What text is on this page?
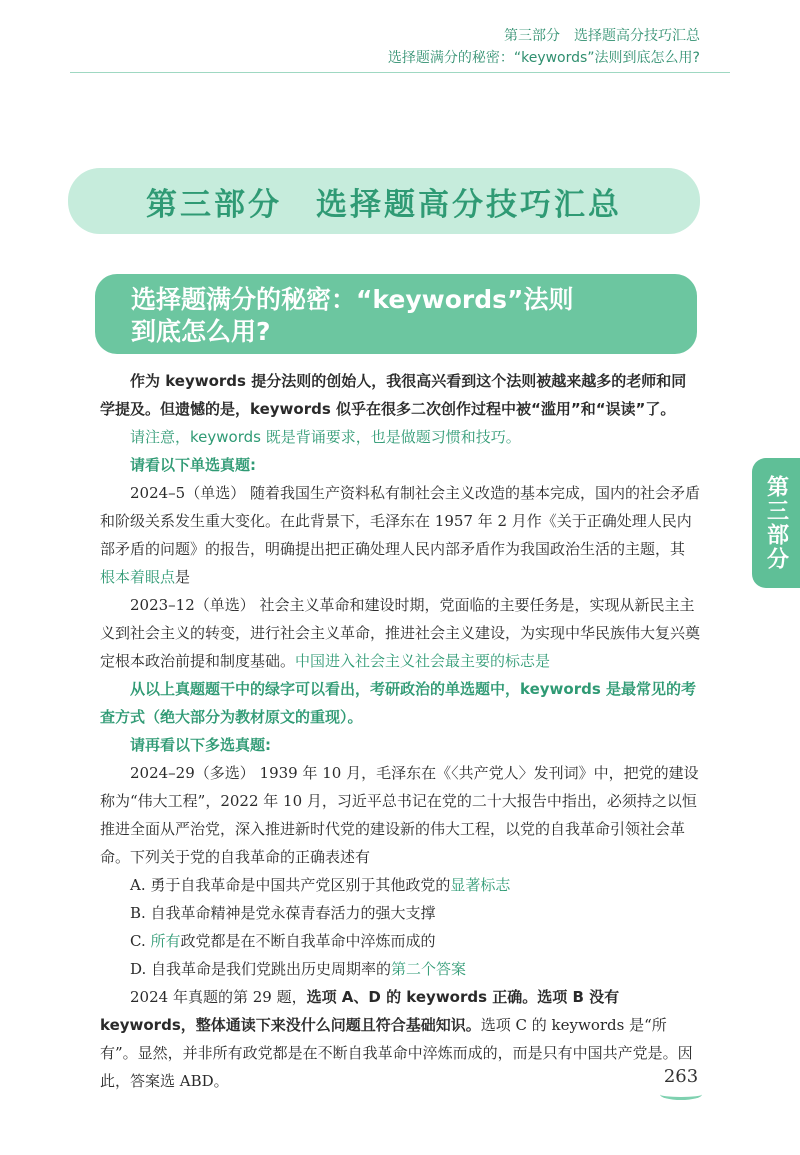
第三部分　选择题高分技巧汇总
选择题满分的秘密：“keywords”法则到底怎么用?
第三部分　选择题高分技巧汇总
选择题满分的秘密：“keywords”法则
到底怎么用?
第三部分

作为 keywords 提分法则的创始人，我很高兴看到这个法则被越来越多的老师和同学提及。但遗憾的是，keywords 似乎在很多二次创作过程中被“滥用”和“误读”了。

请注意，keywords 既是背诵要求，也是做题习惯和技巧。

请看以下单选真题:

2024–5（单选） 随着我国生产资料私有制社会主义改造的基本完成，国内的社会矛盾和阶级关系发生重大变化。在此背景下，毛泽东在 1957 年 2 月作《关于正确处理人民内部矛盾的问题》的报告，明确提出把正确处理人民内部矛盾作为我国政治生活的主题，其根本着眼点是

2023–12（单选） 社会主义革命和建设时期，党面临的主要任务是，实现从新民主主义到社会主义的转变，进行社会主义革命，推进社会主义建设，为实现中华民族伟大复兴奠定根本政治前提和制度基础。中国进入社会主义社会最主要的标志是

从以上真题题干中的绿字可以看出，考研政治的单选题中，keywords 是最常见的考查方式（绝大部分为教材原文的重现）。

请再看以下多选真题:

2024–29（多选） 1939 年 10 月，毛泽东在《〈共产党人〉发刊词》中，把党的建设称为“伟大工程”，2022 年 10 月，习近平总书记在党的二十大报告中指出，必须持之以恒推进全面从严治党，深入推进新时代党的建设新的伟大工程，以党的自我革命引领社会革命。下列关于党的自我革命的正确表述有

A. 勇于自我革命是中国共产党区别于其他政党的显著标志

B. 自我革命精神是党永葆青春活力的强大支撑

C. 所有政党都是在不断自我革命中淬炼而成的

D. 自我革命是我们党跳出历史周期率的第二个答案

2024 年真题的第 29 题，选项 A、D 的 keywords 正确。选项 B 没有 keywords，整体通读下来没什么问题且符合基础知识。选项 C 的 keywords 是“所有”。显然，并非所有政党都是在不断自我革命中淬炼而成的，而是只有中国共产党是。因此，答案选 ABD。	263
